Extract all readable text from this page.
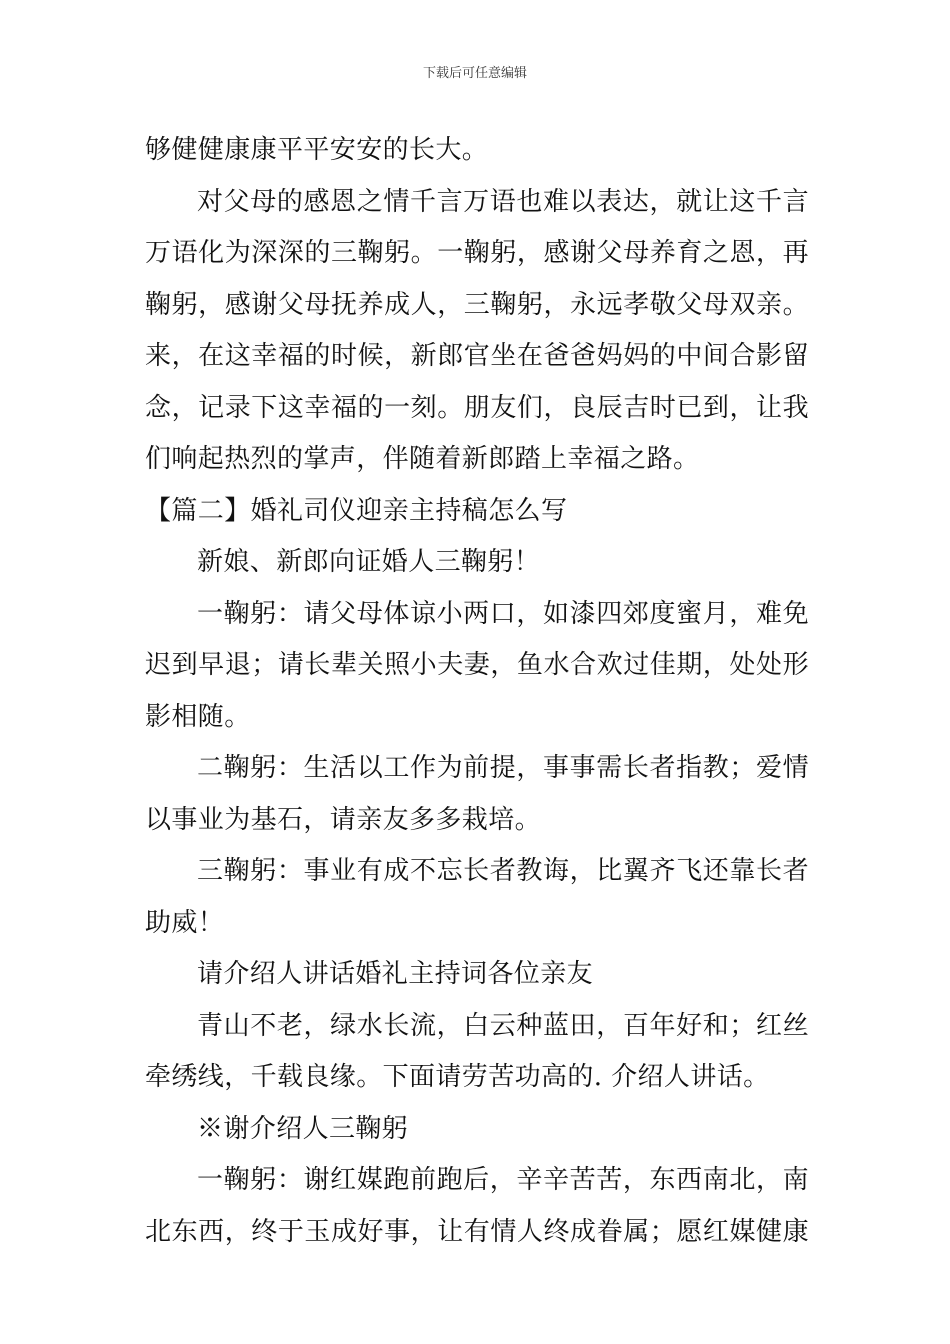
下载后可任意编辑
够健健康康平平安安的长大。
对父母的感恩之情千言万语也难以表达，就让这千言
万语化为深深的三鞠躬。一鞠躬，感谢父母养育之恩，再
鞠躬，感谢父母抚养成人，三鞠躬，永远孝敬父母双亲。
来，在这幸福的时候，新郎官坐在爸爸妈妈的中间合影留
念，记录下这幸福的一刻。朋友们，良辰吉时已到，让我
们响起热烈的掌声，伴随着新郎踏上幸福之路。
【篇二】婚礼司仪迎亲主持稿怎么写
新娘、新郎向证婚人三鞠躬！
一鞠躬：请父母体谅小两口，如漆四郊度蜜月，难免
迟到早退；请长辈关照小夫妻，鱼水合欢过佳期，处处形
影相随。
二鞠躬：生活以工作为前提，事事需长者指教；爱情
以事业为基石，请亲友多多栽培。
三鞠躬：事业有成不忘长者教诲，比翼齐飞还靠长者
助威！
请介绍人讲话婚礼主持词各位亲友
青山不老，绿水长流，白云种蓝田，百年好和；红丝
牵绣线，千载良缘。下面请劳苦功高的. 介绍人讲话。
※谢介绍人三鞠躬
一鞠躬：谢红媒跑前跑后，辛辛苦苦，东西南北，南
北东西，终于玉成好事，让有情人终成眷属；愿红媒健康
